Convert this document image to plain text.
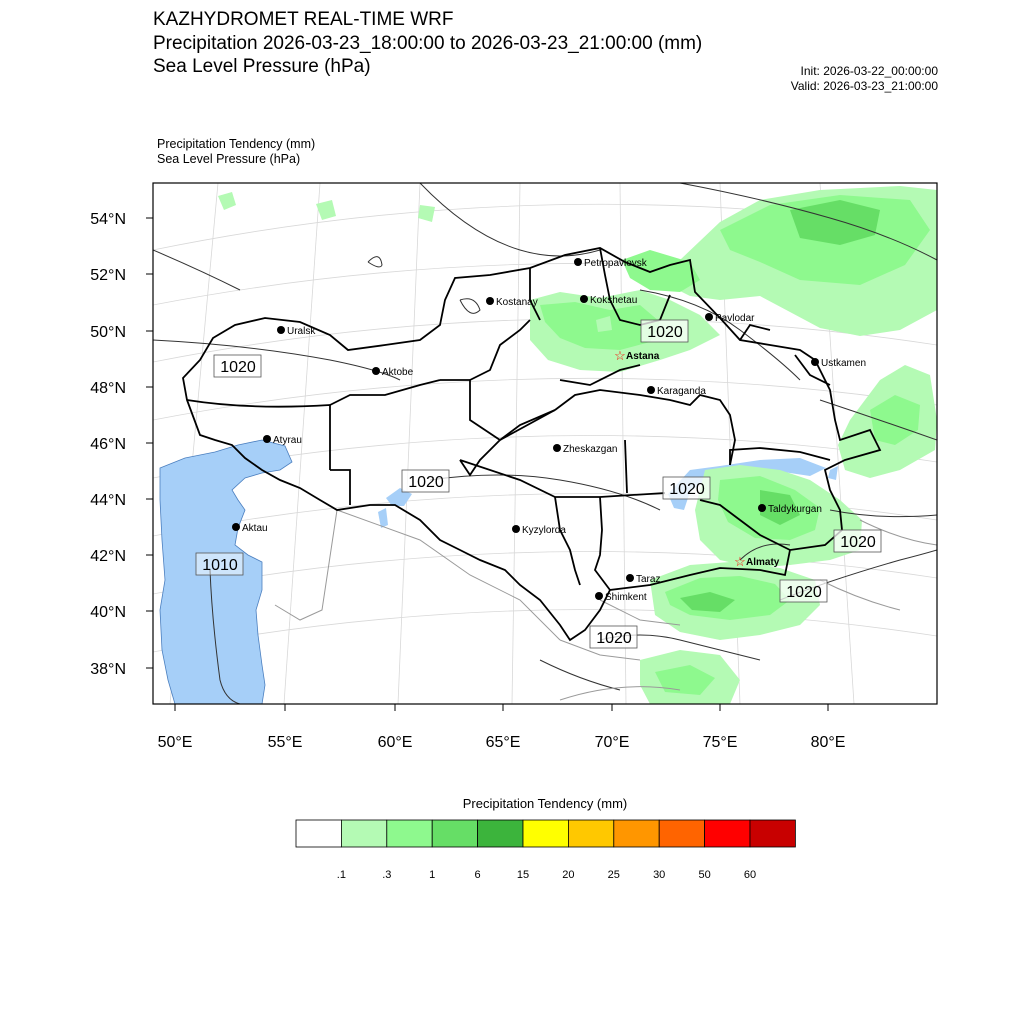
KAZHYDROMET REAL-TIME WRF
Precipitation 2026-03-23_18:00:00 to 2026-03-23_21:00:00 (mm)
Sea Level Pressure (hPa)	Init: 2026-03-22_00:00:00
Valid: 2026-03-23_21:00:00
Precipitation Tendency (mm)
Sea Level Pressure (hPa)
54°N
52°N
50°N
48°N
46°N
44°N
42°N
40°N
38°N
50°E	55°E	60°E	65°E	70°E	75°E	80°E
1020
1020
1020	1020
1020
1020
1010
1020
Petropavlovsk
Kostanay	Kokshetau
Pavlodar
Uralsk
☆ Astana
Ustkamen
Aktobe
Karaganda
Atyrau
Zheskazgan
Aktau	Kyzylorda
Taldykurgan
☆ Almaty
Taraz
Shimkent
Precipitation Tendency (mm)
.1	.3	1	6	15	20	25	30	50	60
